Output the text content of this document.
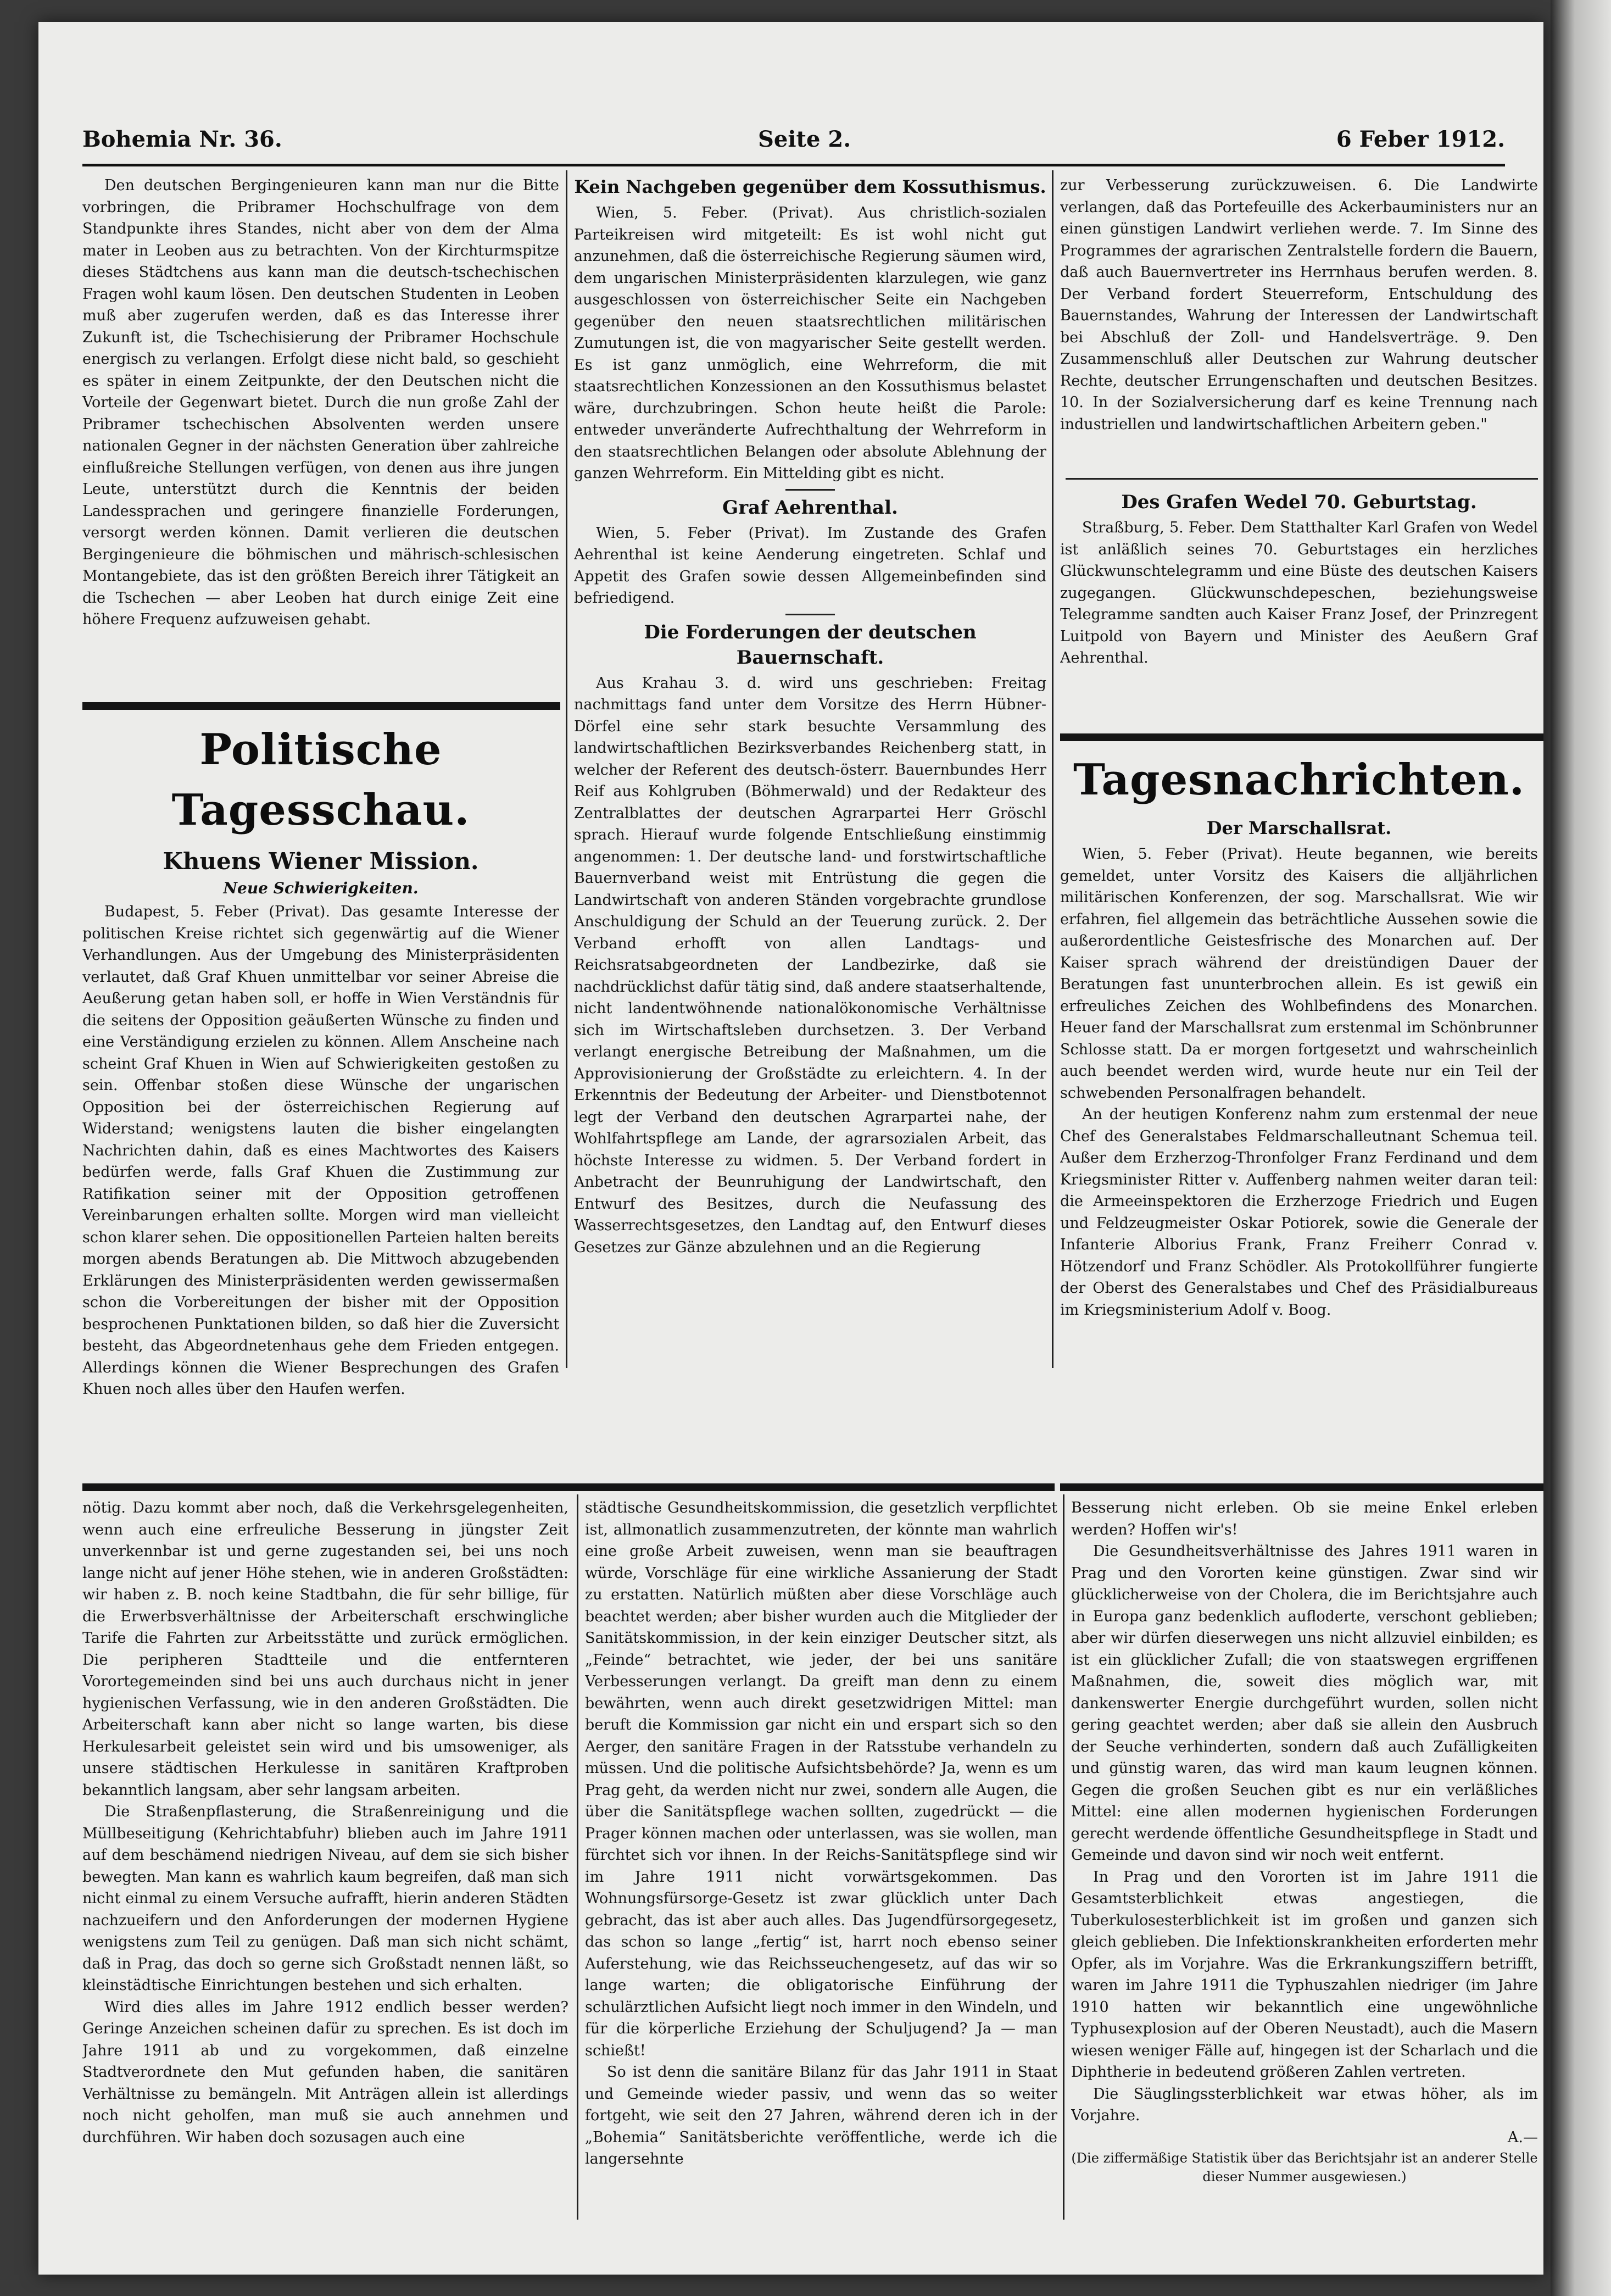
Bohemia Nr. 36.	Seite 2.	6 Feber 1912.

Den deutschen Bergingenieuren kann man nur die Bitte vorbringen, die Pribramer Hochschulfrage von dem Standpunkte ihres Standes, nicht aber von dem der Alma mater in Leoben aus zu betrachten. Von der Kirchturmspitze dieses Städtchens aus kann man die deutsch-tschechischen Fragen wohl kaum lösen. Den deutschen Studenten in Leoben muß aber zugerufen werden, daß es das Interesse ihrer Zukunft ist, die Tschechisierung der Pribramer Hochschule energisch zu verlangen. Erfolgt diese nicht bald, so geschieht es später in einem Zeitpunkte, der den Deutschen nicht die Vorteile der Gegenwart bietet. Durch die nun große Zahl der Pribramer tschechischen Absolventen werden unsere nationalen Gegner in der nächsten Generation über zahlreiche einflußreiche Stellungen verfügen, von denen aus ihre jungen Leute, unterstützt durch die Kenntnis der beiden Landessprachen und geringere finanzielle Forderungen, versorgt werden können. Damit verlieren die deutschen Bergingenieure die böhmischen und mährisch-schlesischen Montangebiete, das ist den größten Bereich ihrer Tätigkeit an die Tschechen — aber Leoben hat durch einige Zeit eine höhere Frequenz aufzuweisen gehabt.

Politische Tagesschau.
Khuens Wiener Mission.
Neue Schwierigkeiten.

Budapest, 5. Feber (Privat). Das gesamte Interesse der politischen Kreise richtet sich gegenwärtig auf die Wiener Verhandlungen. Aus der Umgebung des Ministerpräsidenten verlautet, daß Graf Khuen unmittelbar vor seiner Abreise die Aeußerung getan haben soll, er hoffe in Wien Verständnis für die seitens der Opposition geäußerten Wünsche zu finden und eine Verständigung erzielen zu können. Allem Anscheine nach scheint Graf Khuen in Wien auf Schwierigkeiten gestoßen zu sein. Offenbar stoßen diese Wünsche der ungarischen Opposition bei der österreichischen Regierung auf Widerstand; wenigstens lauten die bisher eingelangten Nachrichten dahin, daß es eines Machtwortes des Kaisers bedürfen werde, falls Graf Khuen die Zustimmung zur Ratifikation seiner mit der Opposition getroffenen Vereinbarungen erhalten sollte. Morgen wird man vielleicht schon klarer sehen. Die oppositionellen Parteien halten bereits morgen abends Beratungen ab. Die Mittwoch abzugebenden Erklärungen des Ministerpräsidenten werden gewissermaßen schon die Vorbereitungen der bisher mit der Opposition besprochenen Punktationen bilden, so daß hier die Zuversicht besteht, das Abgeordnetenhaus gehe dem Frieden entgegen. Allerdings können die Wiener Besprechungen des Grafen Khuen noch alles über den Haufen werfen.

Kein Nachgeben gegenüber dem Kossuthismus.

Wien, 5. Feber. (Privat). Aus christlich-sozialen Parteikreisen wird mitgeteilt: Es ist wohl nicht gut anzunehmen, daß die österreichische Regierung säumen wird, dem ungarischen Ministerpräsidenten klarzulegen, wie ganz ausgeschlossen von österreichischer Seite ein Nachgeben gegenüber den neuen staatsrechtlichen militärischen Zumutungen ist, die von magyarischer Seite gestellt werden. Es ist ganz unmöglich, eine Wehrreform, die mit staatsrechtlichen Konzessionen an den Kossuthismus belastet wäre, durchzubringen. Schon heute heißt die Parole: entweder unveränderte Aufrechthaltung der Wehrreform in den staatsrechtlichen Belangen oder absolute Ablehnung der ganzen Wehrreform. Ein Mittelding gibt es nicht.

Graf Aehrenthal.

Wien, 5. Feber (Privat). Im Zustande des Grafen Aehrenthal ist keine Aenderung eingetreten. Schlaf und Appetit des Grafen sowie dessen Allgemeinbefinden sind befriedigend.

Die Forderungen der deutschen Bauernschaft.

Aus Krahau 3. d. wird uns geschrieben: Freitag nachmittags fand unter dem Vorsitze des Herrn Hübner-Dörfel eine sehr stark besuchte Versammlung des landwirtschaftlichen Bezirksverbandes Reichenberg statt, in welcher der Referent des deutsch-österr. Bauernbundes Herr Reif aus Kohlgruben (Böhmerwald) und der Redakteur des Zentralblattes der deutschen Agrarpartei Herr Gröschl sprach. Hierauf wurde folgende Entschließung einstimmig angenommen: 1. Der deutsche land- und forstwirtschaftliche Bauernverband weist mit Entrüstung die gegen die Landwirtschaft von anderen Ständen vorgebrachte grundlose Anschuldigung der Schuld an der Teuerung zurück. 2. Der Verband erhofft von allen Landtags- und Reichsratsabgeordneten der Landbezirke, daß sie nachdrücklichst dafür tätig sind, daß andere staatserhaltende, nicht landentwöhnende nationalökonomische Verhältnisse sich im Wirtschaftsleben durchsetzen. 3. Der Verband verlangt energische Betreibung der Maßnahmen, um die Approvisionierung der Großstädte zu erleichtern. 4. In der Erkenntnis der Bedeutung der Arbeiter- und Dienstbotennot legt der Verband den deutschen Agrarpartei nahe, der Wohlfahrtspflege am Lande, der agrarsozialen Arbeit, das höchste Interesse zu widmen. 5. Der Verband fordert in Anbetracht der Beunruhigung der Landwirtschaft, den Entwurf des Besitzes, durch die Neufassung des Wasserrechtsgesetzes, den Landtag auf, den Entwurf dieses Gesetzes zur Gänze abzulehnen und an die Regierung

zur Verbesserung zurückzuweisen. 6. Die Landwirte verlangen, daß das Portefeuille des Ackerbauministers nur an einen günstigen Landwirt verliehen werde. 7. Im Sinne des Programmes der agrarischen Zentralstelle fordern die Bauern, daß auch Bauernvertreter ins Herrnhaus berufen werden. 8. Der Verband fordert Steuerreform, Entschuldung des Bauernstandes, Wahrung der Interessen der Landwirtschaft bei Abschluß der Zoll- und Handelsverträge. 9. Den Zusammenschluß aller Deutschen zur Wahrung deutscher Rechte, deutscher Errungenschaften und deutschen Besitzes. 10. In der Sozialversicherung darf es keine Trennung nach industriellen und landwirtschaftlichen Arbeitern geben."

Des Grafen Wedel 70. Geburtstag.

Straßburg, 5. Feber. Dem Statthalter Karl Grafen von Wedel ist anläßlich seines 70. Geburtstages ein herzliches Glückwunschtelegramm und eine Büste des deutschen Kaisers zugegangen. Glückwunschdepeschen, beziehungsweise Telegramme sandten auch Kaiser Franz Josef, der Prinzregent Luitpold von Bayern und Minister des Aeußern Graf Aehrenthal.

Tagesnachrichten.
Der Marschallsrat.

Wien, 5. Feber (Privat). Heute begannen, wie bereits gemeldet, unter Vorsitz des Kaisers die alljährlichen militärischen Konferenzen, der sog. Marschallsrat. Wie wir erfahren, fiel allgemein das beträchtliche Aussehen sowie die außerordentliche Geistesfrische des Monarchen auf. Der Kaiser sprach während der dreistündigen Dauer der Beratungen fast ununterbrochen allein. Es ist gewiß ein erfreuliches Zeichen des Wohlbefindens des Monarchen. Heuer fand der Marschallsrat zum erstenmal im Schönbrunner Schlosse statt. Da er morgen fortgesetzt und wahrscheinlich auch beendet werden wird, wurde heute nur ein Teil der schwebenden Personalfragen behandelt.

An der heutigen Konferenz nahm zum erstenmal der neue Chef des Generalstabes Feldmarschalleutnant Schemua teil. Außer dem Erzherzog-Thronfolger Franz Ferdinand und dem Kriegsminister Ritter v. Auffenberg nahmen weiter daran teil: die Armeeinspektoren die Erzherzoge Friedrich und Eugen und Feldzeugmeister Oskar Potiorek, sowie die Generale der Infanterie Alborius Frank, Franz Freiherr Conrad v. Hötzendorf und Franz Schödler. Als Protokollführer fungierte der Oberst des Generalstabes und Chef des Präsidialbureaus im Kriegsministerium Adolf v. Boog.

nötig. Dazu kommt aber noch, daß die Verkehrsgelegenheiten, wenn auch eine erfreuliche Besserung in jüngster Zeit unverkennbar ist und gerne zugestanden sei, bei uns noch lange nicht auf jener Höhe stehen, wie in anderen Großstädten: wir haben z. B. noch keine Stadtbahn, die für sehr billige, für die Erwerbsverhältnisse der Arbeiterschaft erschwingliche Tarife die Fahrten zur Arbeitsstätte und zurück ermöglichen. Die peripheren Stadtteile und die entfernteren Vorortegemeinden sind bei uns auch durchaus nicht in jener hygienischen Verfassung, wie in den anderen Großstädten. Die Arbeiterschaft kann aber nicht so lange warten, bis diese Herkulesarbeit geleistet sein wird und bis umsoweniger, als unsere städtischen Herkulesse in sanitären Kraftproben bekanntlich langsam, aber sehr langsam arbeiten.

Die Straßenpflasterung, die Straßenreinigung und die Müllbeseitigung (Kehrichtabfuhr) blieben auch im Jahre 1911 auf dem beschämend niedrigen Niveau, auf dem sie sich bisher bewegten. Man kann es wahrlich kaum begreifen, daß man sich nicht einmal zu einem Versuche aufrafft, hierin anderen Städten nachzueifern und den Anforderungen der modernen Hygiene wenigstens zum Teil zu genügen. Daß man sich nicht schämt, daß in Prag, das doch so gerne sich Großstadt nennen läßt, so kleinstädtische Einrichtungen bestehen und sich erhalten.

Wird dies alles im Jahre 1912 endlich besser werden? Geringe Anzeichen scheinen dafür zu sprechen. Es ist doch im Jahre 1911 ab und zu vorgekommen, daß einzelne Stadtverordnete den Mut gefunden haben, die sanitären Verhältnisse zu bemängeln. Mit Anträgen allein ist allerdings noch nicht geholfen, man muß sie auch annehmen und durchführen. Wir haben doch sozusagen auch eine

städtische Gesundheitskommission, die gesetzlich verpflichtet ist, allmonatlich zusammenzutreten, der könnte man wahrlich eine große Arbeit zuweisen, wenn man sie beauftragen würde, Vorschläge für eine wirkliche Assanierung der Stadt zu erstatten. Natürlich müßten aber diese Vorschläge auch beachtet werden; aber bisher wurden auch die Mitglieder der Sanitätskommission, in der kein einziger Deutscher sitzt, als „Feinde“ betrachtet, wie jeder, der bei uns sanitäre Verbesserungen verlangt. Da greift man denn zu einem bewährten, wenn auch direkt gesetzwidrigen Mittel: man beruft die Kommission gar nicht ein und erspart sich so den Aerger, den sanitäre Fragen in der Ratsstube verhandeln zu müssen. Und die politische Aufsichtsbehörde? Ja, wenn es um Prag geht, da werden nicht nur zwei, sondern alle Augen, die über die Sanitätspflege wachen sollten, zugedrückt — die Prager können machen oder unterlassen, was sie wollen, man fürchtet sich vor ihnen. In der Reichs-Sanitätspflege sind wir im Jahre 1911 nicht vorwärtsgekommen. Das Wohnungsfürsorge-Gesetz ist zwar glücklich unter Dach gebracht, das ist aber auch alles. Das Jugendfürsorgegesetz, das schon so lange „fertig“ ist, harrt noch ebenso seiner Auferstehung, wie das Reichsseuchengesetz, auf das wir so lange warten; die obligatorische Einführung der schulärztlichen Aufsicht liegt noch immer in den Windeln, und für die körperliche Erziehung der Schuljugend? Ja — man schießt!

So ist denn die sanitäre Bilanz für das Jahr 1911 in Staat und Gemeinde wieder passiv, und wenn das so weiter fortgeht, wie seit den 27 Jahren, während deren ich in der „Bohemia“ Sanitätsberichte veröffentliche, werde ich die langersehnte

Besserung nicht erleben. Ob sie meine Enkel erleben werden? Hoffen wir's!

Die Gesundheitsverhältnisse des Jahres 1911 waren in Prag und den Vororten keine günstigen. Zwar sind wir glücklicherweise von der Cholera, die im Berichtsjahre auch in Europa ganz bedenklich aufloderte, verschont geblieben; aber wir dürfen dieserwegen uns nicht allzuviel einbilden; es ist ein glücklicher Zufall; die von staatswegen ergriffenen Maßnahmen, die, soweit dies möglich war, mit dankenswerter Energie durchgeführt wurden, sollen nicht gering geachtet werden; aber daß sie allein den Ausbruch der Seuche verhinderten, sondern daß auch Zufälligkeiten und günstig waren, das wird man kaum leugnen können. Gegen die großen Seuchen gibt es nur ein verläßliches Mittel: eine allen modernen hygienischen Forderungen gerecht werdende öffentliche Gesundheitspflege in Stadt und Gemeinde und davon sind wir noch weit entfernt.

In Prag und den Vororten ist im Jahre 1911 die Gesamtsterblichkeit etwas angestiegen, die Tuberkulosesterblichkeit ist im großen und ganzen sich gleich geblieben. Die Infektionskrankheiten erforderten mehr Opfer, als im Vorjahre. Was die Erkrankungsziffern betrifft, waren im Jahre 1911 die Typhuszahlen niedriger (im Jahre 1910 hatten wir bekanntlich eine ungewöhnliche Typhusexplosion auf der Oberen Neustadt), auch die Masern wiesen weniger Fälle auf, hingegen ist der Scharlach und die Diphtherie in bedeutend größeren Zahlen vertreten.

Die Säuglingssterblichkeit war etwas höher, als im Vorjahre.

A.—

(Die ziffermäßige Statistik über das Berichtsjahr ist an anderer Stelle dieser Nummer ausgewiesen.)
